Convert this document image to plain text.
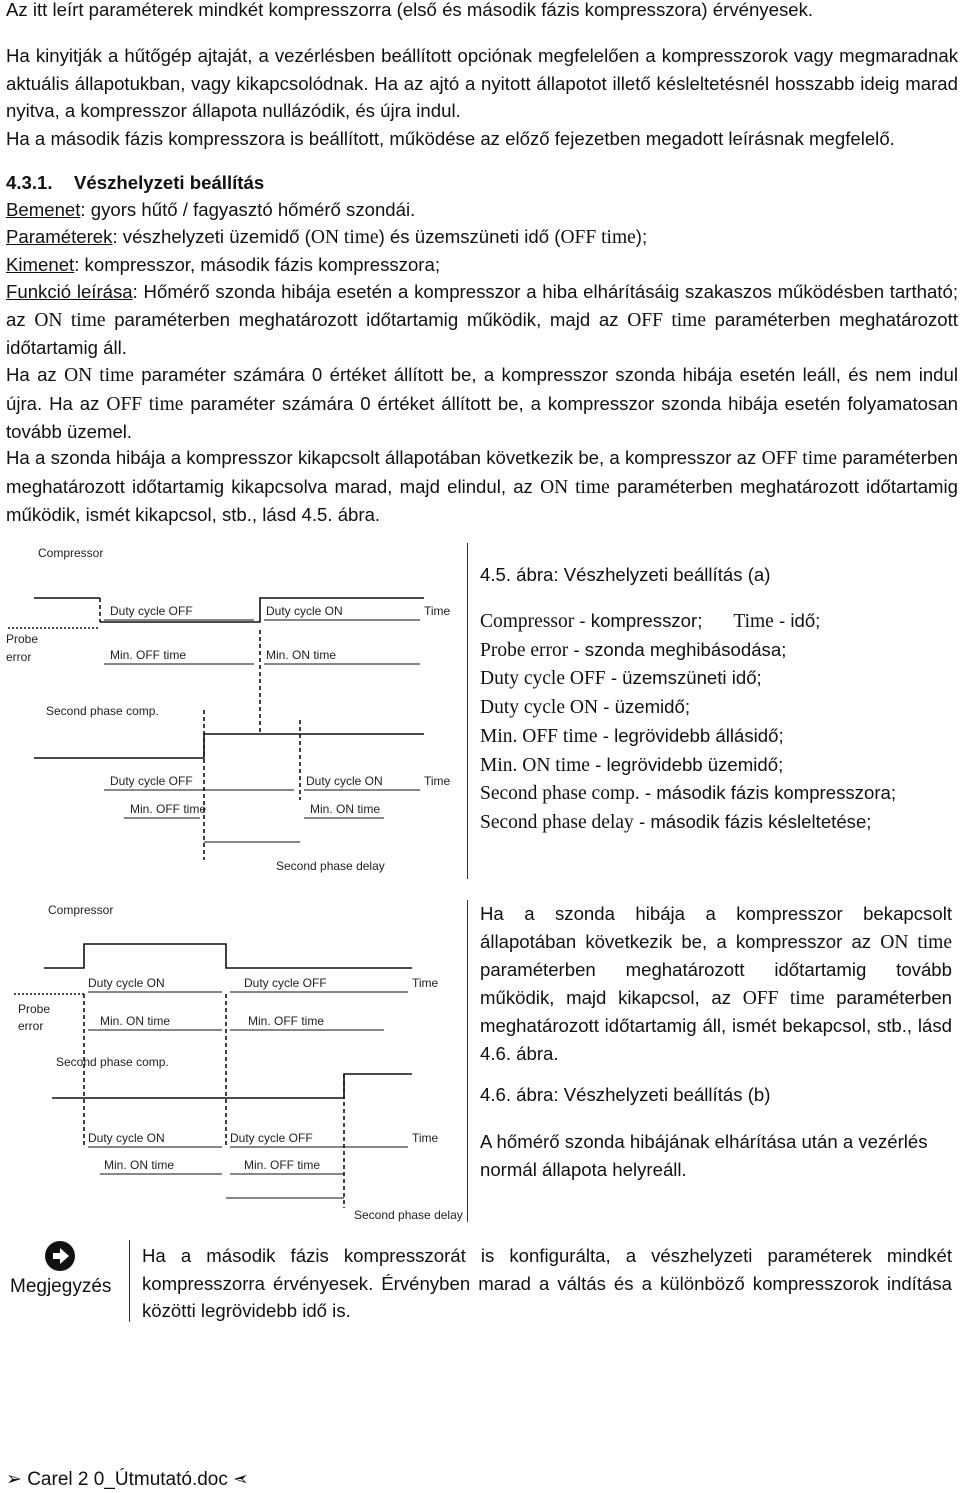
Az itt leírt paraméterek mindkét kompresszorra (első és második fázis kompresszora) érvényesek.

Ha kinyitják a hűtőgép ajtaját, a vezérlésben beállított opciónak megfelelően a kompresszorok vagy megmaradnak aktuális állapotukban, vagy kikapcsolódnak. Ha az ajtó a nyitott állapotot illető késleltetésnél hosszabb ideig marad nyitva, a kompresszor állapota nullázódik, és újra indul.

Ha a második fázis kompresszora is beállított, működése az előző fejezetben megadott leírásnak megfelelő.
4.3.1. Vészhelyzeti beállítás
Bemenet: gyors hűtő / fagyasztó hőmérő szondái.
Paraméterek: vészhelyzeti üzemidő (ON time) és üzemszüneti idő (OFF time);
Kimenet: kompresszor, második fázis kompresszora;

Funkció leírása: Hőmérő szonda hibája esetén a kompresszor a hiba elhárításáig szakaszos működésben tartható; az ON time paraméterben meghatározott időtartamig működik, majd az OFF time paraméterben meghatározott időtartamig áll.

Ha az ON time paraméter számára 0 értéket állított be, a kompresszor szonda hibája esetén leáll, és nem indul újra. Ha az OFF time paraméter számára 0 értéket állított be, a kompresszor szonda hibája esetén folyamatosan tovább üzemel.

Ha a szonda hibája a kompresszor kikapcsolt állapotában következik be, a kompresszor az OFF time paraméterben meghatározott időtartamig kikapcsolva marad, majd elindul, az ON time paraméterben meghatározott időtartamig működik, ismét kikapcsol, stb., lásd 4.5. ábra.

Compressor
Probe
error
Second phase comp.
Duty cycle OFF	Duty cycle ON
Min. OFF time	Min. ON time
Time
Duty cycle OFF	Duty cycle ON
Min. OFF time	Min. ON time
Time
Second phase delay
4.5. ábra: Vészhelyzeti beállítás (a)
Compressor - kompresszor; Time - idő;
Probe error - szonda meghibásodása;
Duty cycle OFF - üzemszüneti idő;
Duty cycle ON - üzemidő;
Min. OFF time - legrövidebb állásidő;
Min. ON time - legrövidebb üzemidő;
Second phase comp. - második fázis kompresszora;
Second phase delay - második fázis késleltetése;
Compressor
Probe
error
Second phase comp.
Duty cycle ON	Duty cycle OFF
Min. ON time	Min. OFF time
Time
Duty cycle ON	Duty cycle OFF
Min. ON time	Min. OFF time
Time
Second phase delay

Ha a szonda hibája a kompresszor bekapcsolt állapotában következik be, a kompresszor az ON time paraméterben meghatározott időtartamig tovább működik, majd kikapcsol, az OFF time paraméterben meghatározott időtartamig áll, ismét bekapcsol, stb., lásd 4.6. ábra.

4.6. ábra: Vészhelyzeti beállítás (b)

A hőmérő szonda hibájának elhárítása után a vezérlés normál állapota helyreáll.

Megjegyzés

Ha a második fázis kompresszorát is konfigurálta, a vészhelyzeti paraméterek mindkét kompresszorra érvényesek. Érvényben marad a váltás és a különböző kompresszorok indítása közötti legrövidebb idő is.

➢ Carel 2 0_Útmutató.doc ➣
